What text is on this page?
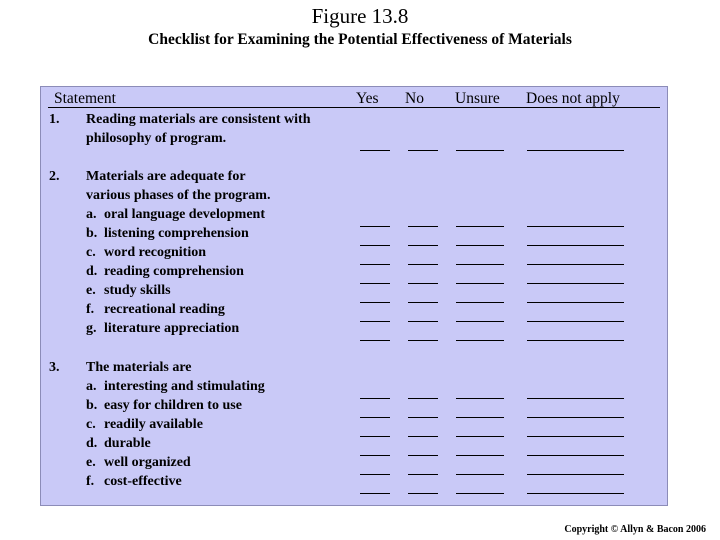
Figure 13.8
Checklist for Examining the Potential Effectiveness of Materials
Statement	Yes No Unsure Does not apply
1. Reading materials are consistent with
philosophy of program.
2. Materials are adequate for
various phases of the program.
a. oral language development
b. listening comprehension
c. word recognition
d. reading comprehension
e. study skills
f. recreational reading
g. literature appreciation
3. The materials are
a. interesting and stimulating
b. easy for children to use
c. readily available
d. durable
e. well organized
f. cost-effective
Copyright © Allyn & Bacon 2006
